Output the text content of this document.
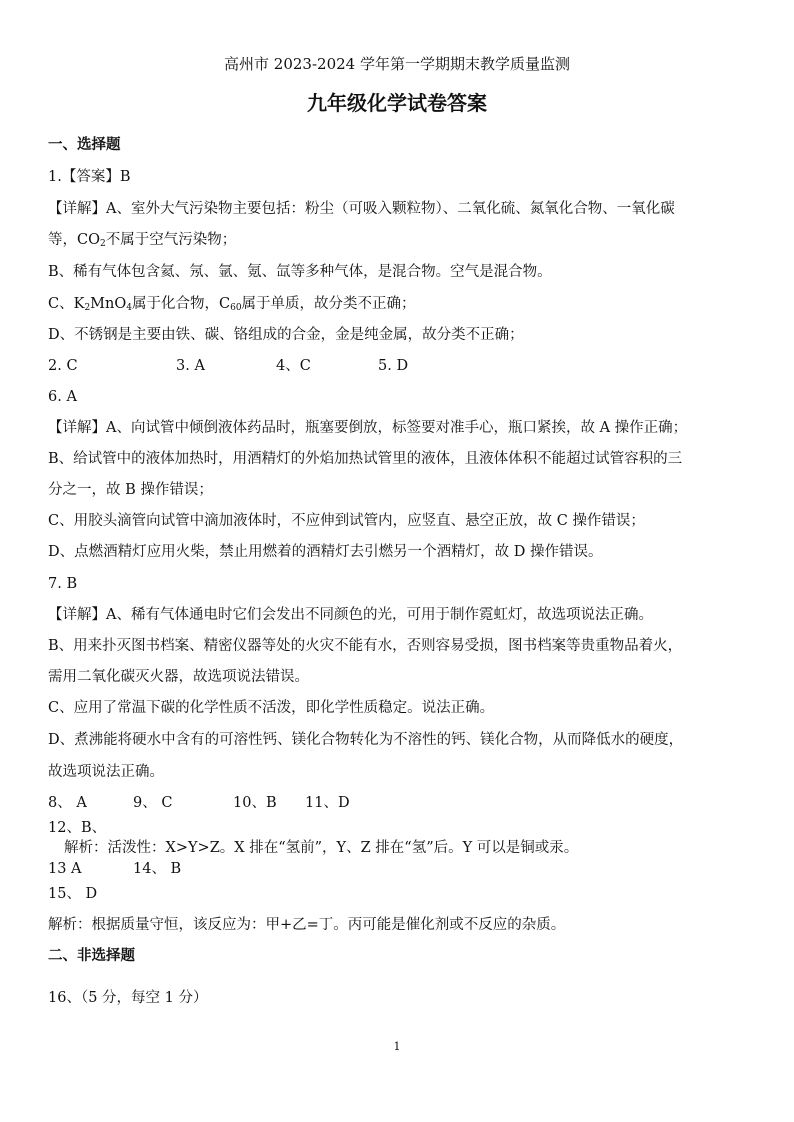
高州市 2023-2024 学年第一学期期末教学质量监测
九年级化学试卷答案
一、选择题
1.【答案】B
【详解】A、室外大气污染物主要包括：粉尘（可吸入颗粒物）、二氧化硫、氮氧化合物、一氧化碳
等，$CO_2$不属于空气污染物；
B、稀有气体包含氦、氖、氩、氪、氙等多种气体，是混合物。空气是混合物。
C、$K_2MnO_4$属于化合物，$C_{60}$属于单质，故分类不正确；
D、不锈钢是主要由铁、碳、铬组成的合金，金是纯金属，故分类不正确；
2. C	3. A	4、C	5. D
6. A
【详解】A、向试管中倾倒液体药品时，瓶塞要倒放，标签要对准手心，瓶口紧挨，故 A 操作正确；
B、给试管中的液体加热时，用酒精灯的外焰加热试管里的液体，且液体体积不能超过试管容积的三
分之一，故 B 操作错误；
C、用胶头滴管向试管中滴加液体时，不应伸到试管内，应竖直、悬空正放，故 C 操作错误；
D、点燃酒精灯应用火柴，禁止用燃着的酒精灯去引燃另一个酒精灯，故 D 操作错误。
7. B
【详解】A、稀有气体通电时它们会发出不同颜色的光，可用于制作霓虹灯，故选项说法正确。
B、用来扑灭图书档案、精密仪器等处的火灾不能有水，否则容易受损，图书档案等贵重物品着火，
需用二氧化碳灭火器，故选项说法错误。
C、应用了常温下碳的化学性质不活泼，即化学性质稳定。说法正确。
D、煮沸能将硬水中含有的可溶性钙、镁化合物转化为不溶性的钙、镁化合物，从而降低水的硬度，
故选项说法正确。
8、 A	9、 C	10、B 11、D
12、B、
解析：活泼性：X>Y>Z。X 排在“氢前”，Y、Z 排在“氢”后。Y 可以是铜或汞。
13 A	14、 B
15、 D
解析：根据质量守恒，该反应为：甲+乙=丁。丙可能是催化剂或不反应的杂质。
二、非选择题
16、（5 分，每空 1 分）
1
